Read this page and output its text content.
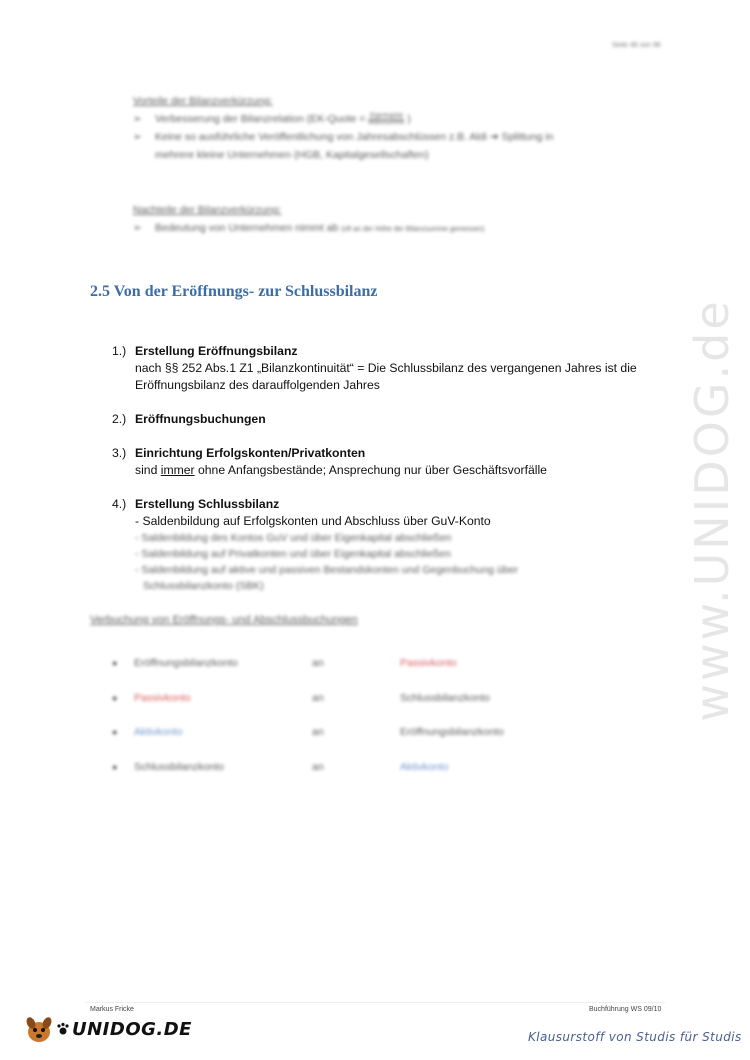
Seite 48 von 96
Vorteile der Bilanzverkürzung:
➢	Verbesserung der Bilanzrelation (EK-Quote = $\frac{\text{Eigenkapital}}{\text{Bilanzsumme}}$ )
➢	Keine so ausführliche Veröffentlichung von Jahresabschlüssen z.B. Aldi ➔ Splittung in
mehrere kleine Unternehmen (HGB, Kapitalgesellschaften)
Nachteile der Bilanzverkürzung:
➢	Bedeutung von Unternehmen nimmt ab (oft an der Höhe der Bilanzsumme gemessen)
2.5 Von der Eröffnungs- zur Schlussbilanz
1.) Erstellung Eröffnungsbilanz
nach §§ 252 Abs.1 Z1 „Bilanzkontinuität“ = Die Schlussbilanz des vergangenen Jahres ist die
Eröffnungsbilanz des darauffolgenden Jahres
2.) Eröffnungsbuchungen
3.) Einrichtung Erfolgskonten/Privatkonten
sind immer ohne Anfangsbestände; Ansprechung nur über Geschäftsvorfälle
4.) Erstellung Schlussbilanz
- Saldenbildung auf Erfolgskonten und Abschluss über GuV-Konto
- Saldenbildung des Kontos GuV und über Eigenkapital abschließen
- Saldenbildung auf Privatkonten und über Eigenkapital abschließen
- Saldenbildung auf aktive und passiven Bestandskonten und Gegenbuchung über
Schlussbilanzkonto (SBK)
Verbuchung von Eröffnungs- und Abschlussbuchungen
●	Eröffnungsbilanzkonto	an	Passivkonto
●	Passivkonto	an	Schlussbilanzkonto
●	Aktivkonto	an	Eröffnungsbilanzkonto
●	Schlussbilanzkonto	an	Aktivkonto
www.UNIDOG.de
Markus Fricke	Buchführung WS 09/10
UNIDOG.DE	Klausurstoff von Studis für Studis
